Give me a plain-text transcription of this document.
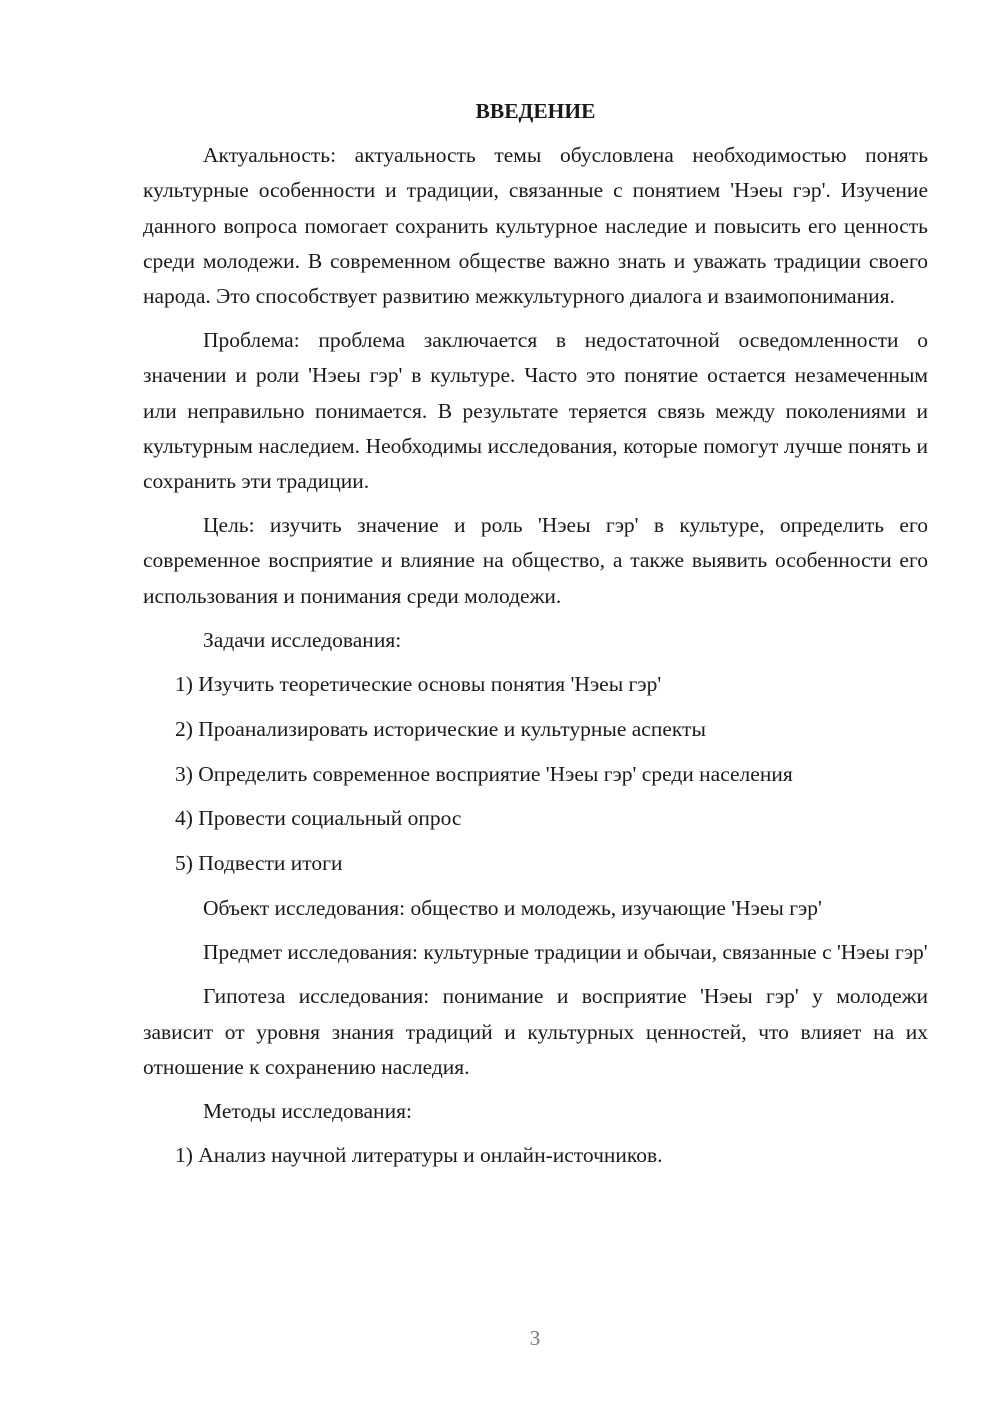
ВВЕДЕНИЕ

Актуальность: актуальность темы обусловлена необходимостью понять культурные особенности и традиции, связанные с понятием 'Нэеы гэр'. Изучение данного вопроса помогает сохранить культурное наследие и повысить его ценность среди молодежи. В современном обществе важно знать и уважать традиции своего народа. Это способствует развитию межкультурного диалога и взаимопонимания.

Проблема: проблема заключается в недостаточной осведомленности о значении и роли 'Нэеы гэр' в культуре. Часто это понятие остается незамеченным или неправильно понимается. В результате теряется связь между поколениями и культурным наследием. Необходимы исследования, которые помогут лучше понять и сохранить эти традиции.

Цель: изучить значение и роль 'Нэеы гэр' в культуре, определить его современное восприятие и влияние на общество, а также выявить особенности его использования и понимания среди молодежи.

Задачи исследования:

1) Изучить теоретические основы понятия 'Нэеы гэр'

2) Проанализировать исторические и культурные аспекты

3) Определить современное восприятие 'Нэеы гэр' среди населения

4) Провести социальный опрос

5) Подвести итоги

Объект исследования: общество и молодежь, изучающие 'Нэеы гэр'

Предмет исследования: культурные традиции и обычаи, связанные с 'Нэеы гэр'

Гипотеза исследования: понимание и восприятие 'Нэеы гэр' у молодежи зависит от уровня знания традиций и культурных ценностей, что влияет на их отношение к сохранению наследия.

Методы исследования:

1) Анализ научной литературы и онлайн-источников.

3
